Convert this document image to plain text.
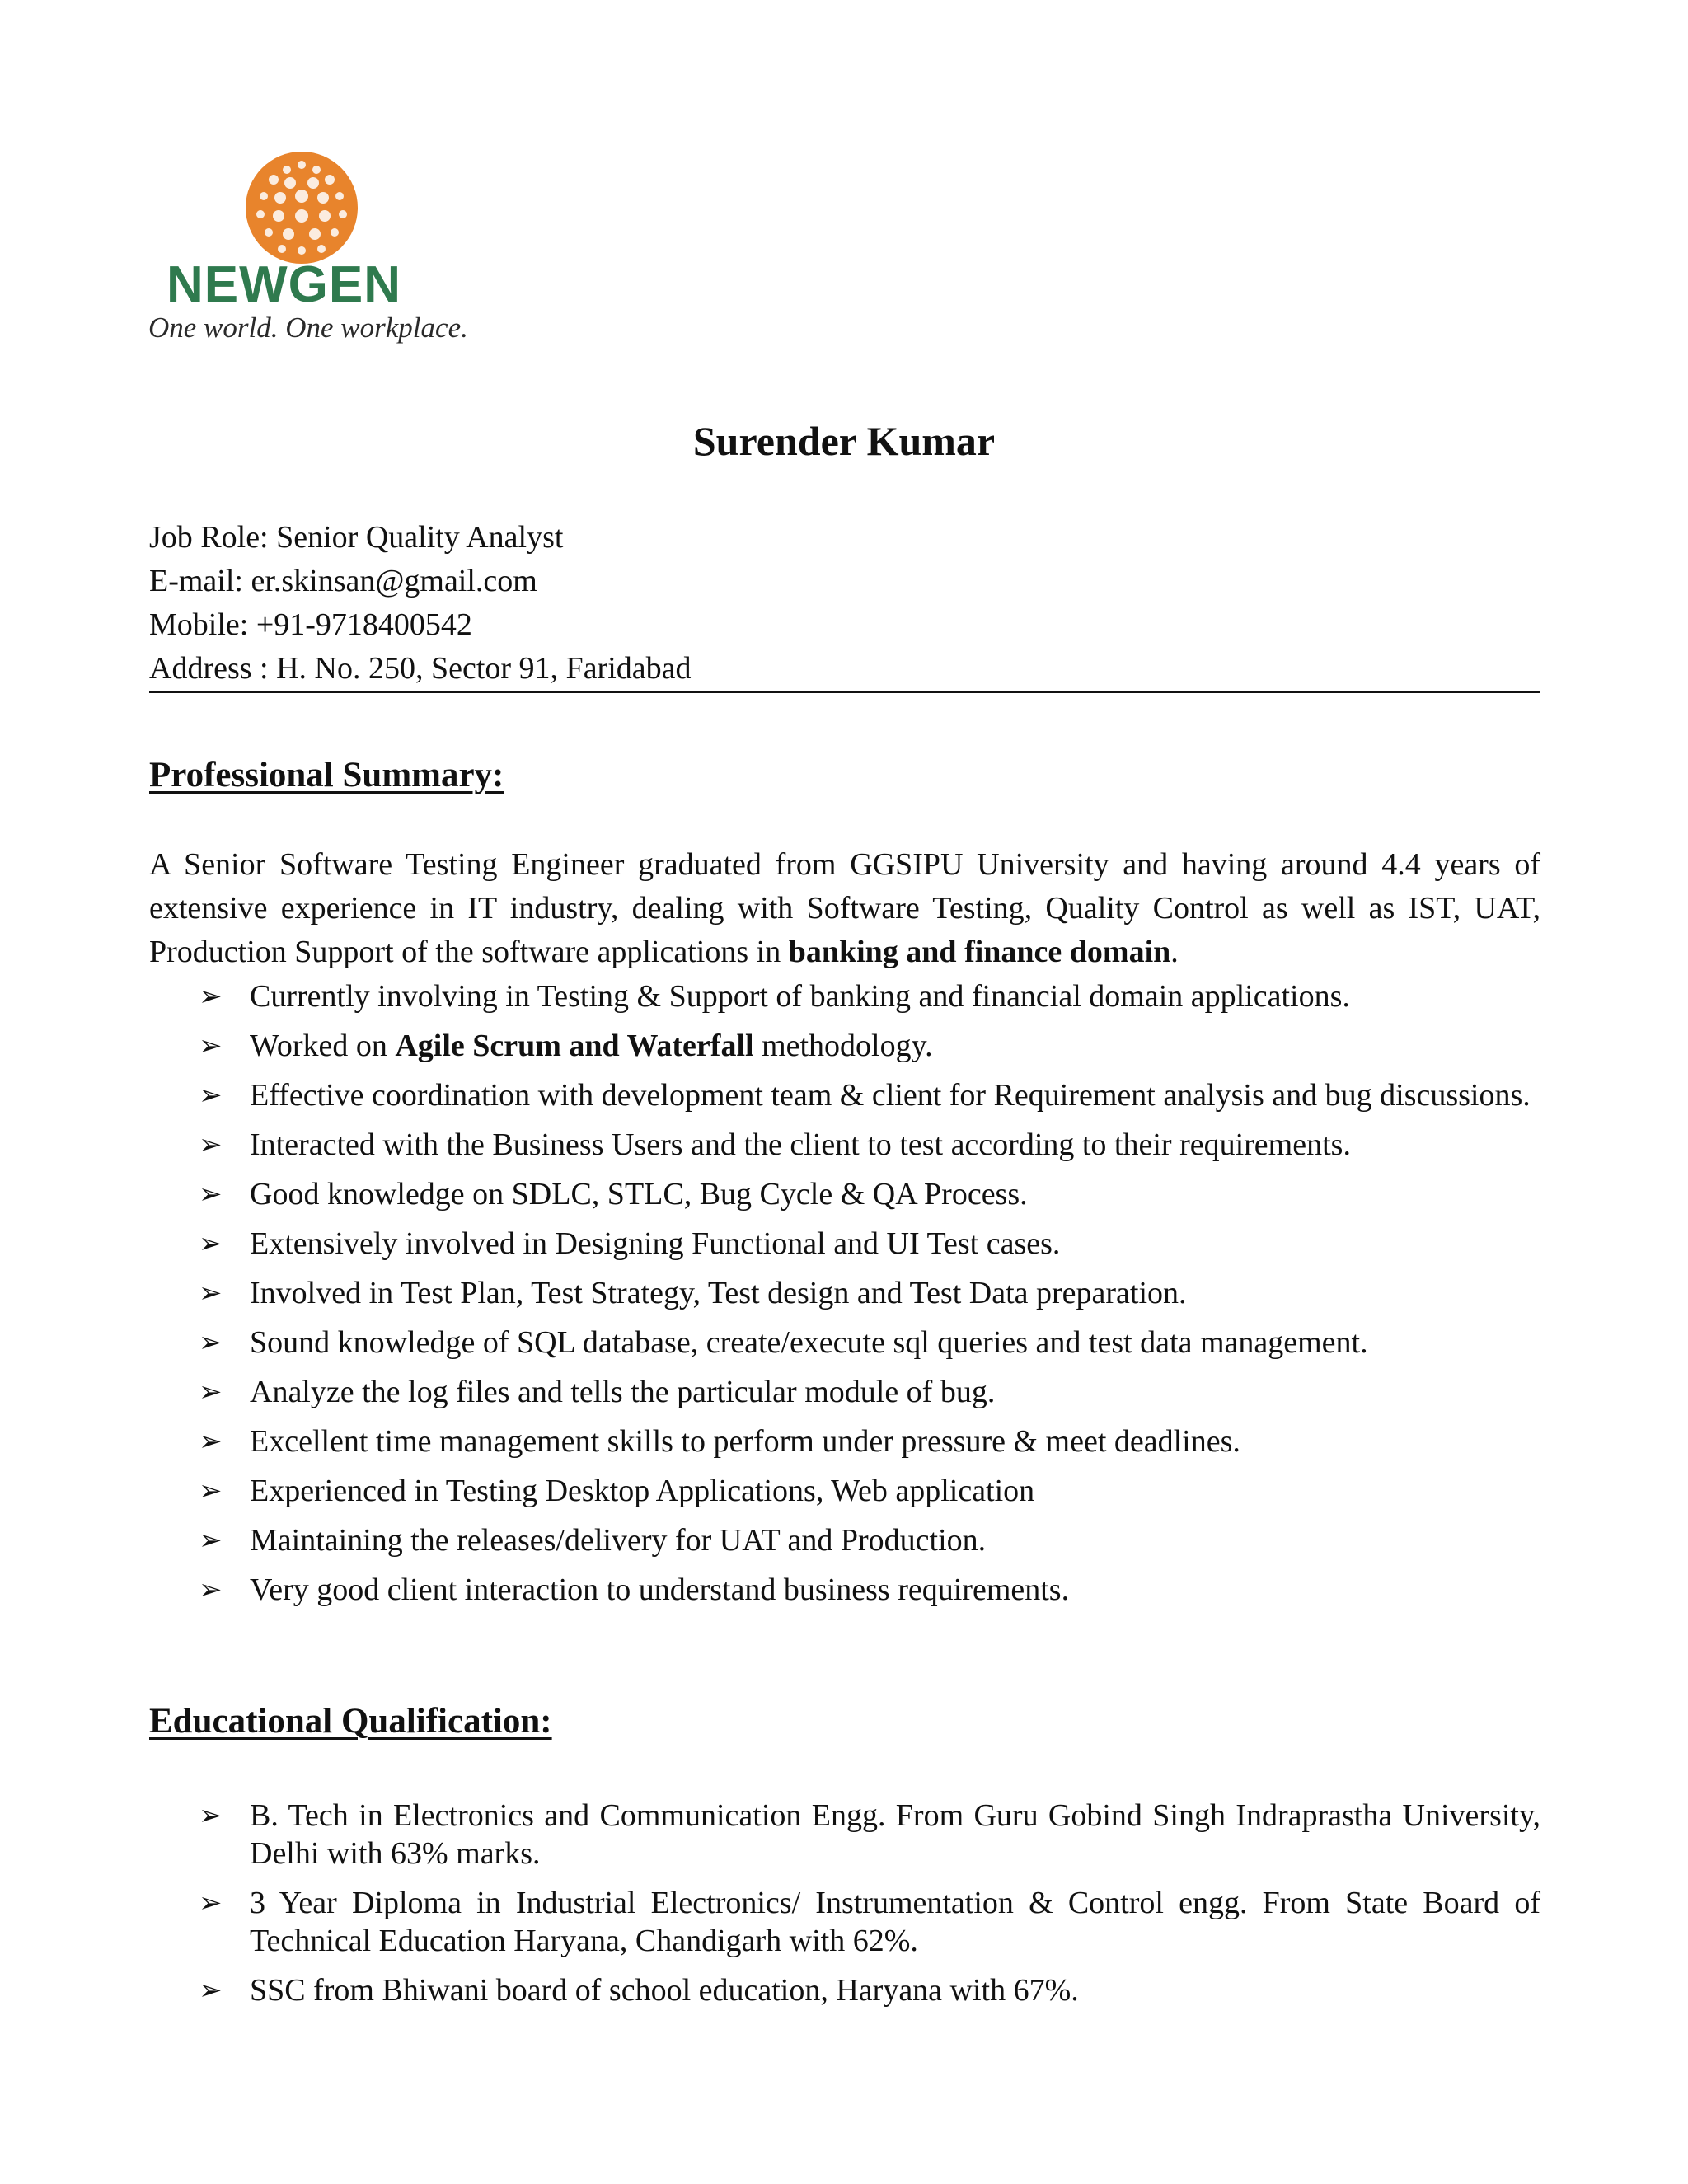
NEWGEN
One world. One workplace.
Surender Kumar
Job Role: Senior Quality Analyst
E-mail: er.skinsan@gmail.com
Mobile: +91-9718400542
Address : H. No. 250, Sector 91, Faridabad
Professional Summary:

A Senior Software Testing Engineer graduated from GGSIPU University and having around 4.4 years of extensive experience in IT industry, dealing with Software Testing, Quality Control as well as IST, UAT, Production Support of the software applications in banking and finance domain.

➢ Currently involving in Testing & Support of banking and financial domain applications.
➢ Worked on Agile Scrum and Waterfall methodology.
➢ Effective coordination with development team & client for Requirement analysis and bug discussions.
➢ Interacted with the Business Users and the client to test according to their requirements.
➢ Good knowledge on SDLC, STLC, Bug Cycle & QA Process.
➢ Extensively involved in Designing Functional and UI Test cases.
➢ Involved in Test Plan, Test Strategy, Test design and Test Data preparation.
➢ Sound knowledge of SQL database, create/execute sql queries and test data management.
➢ Analyze the log files and tells the particular module of bug.
➢ Excellent time management skills to perform under pressure & meet deadlines.
➢ Experienced in Testing Desktop Applications, Web application
➢ Maintaining the releases/delivery for UAT and Production.
➢ Very good client interaction to understand business requirements.
Educational Qualification:
➢ B. Tech in Electronics and Communication Engg. From Guru Gobind Singh Indraprastha University, Delhi with 63% marks.
➢ 3 Year Diploma in Industrial Electronics/ Instrumentation & Control engg. From State Board of Technical Education Haryana, Chandigarh with 62%.
➢ SSC from Bhiwani board of school education, Haryana with 67%.
